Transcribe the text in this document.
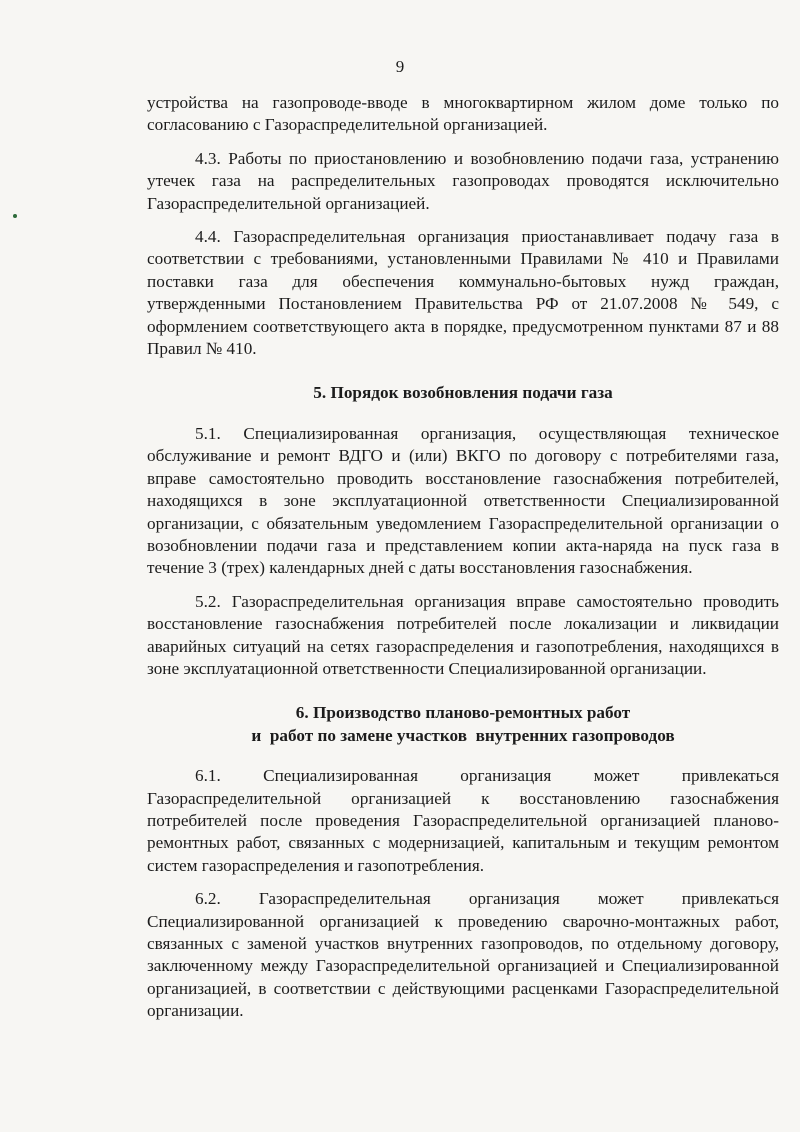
9

устройства на газопроводе-вводе в многоквартирном жилом доме только по согласованию с Газораспределительной организацией.

4.3. Работы по приостановлению и возобновлению подачи газа, устранению утечек газа на распределительных газопроводах проводятся исключительно Газораспределительной организацией.

4.4. Газораспределительная организация приостанавливает подачу газа в соответствии с требованиями, установленными Правилами № 410 и Правилами поставки газа для обеспечения коммунально-бытовых нужд граждан, утвержденными Постановлением Правительства РФ от 21.07.2008 № 549, с оформлением соответствующего акта в порядке, предусмотренном пунктами 87 и 88 Правил № 410.

5. Порядок возобновления подачи газа

5.1. Специализированная организация, осуществляющая техническое обслуживание и ремонт ВДГО и (или) ВКГО по договору с потребителями газа, вправе самостоятельно проводить восстановление газоснабжения потребителей, находящихся в зоне эксплуатационной ответственности Специализированной организации, с обязательным уведомлением Газораспределительной организации о возобновлении подачи газа и представлением копии акта-наряда на пуск газа в течение 3 (трех) календарных дней с даты восстановления газоснабжения.

5.2. Газораспределительная организация вправе самостоятельно проводить восстановление газоснабжения потребителей после локализации и ликвидации аварийных ситуаций на сетях газораспределения и газопотребления, находящихся в зоне эксплуатационной ответственности Специализированной организации.

6. Производство планово-ремонтных работ
и  работ по замене участков  внутренних газопроводов

6.1. Специализированная организация может привлекаться Газораспределительной организацией к восстановлению газоснабжения потребителей после проведения Газораспределительной организацией планово-ремонтных работ, связанных с модернизацией, капитальным и текущим ремонтом систем газораспределения и газопотребления.

6.2. Газораспределительная организация может привлекаться Специализированной организацией к проведению сварочно-монтажных работ, связанных с заменой участков внутренних газопроводов, по отдельному договору, заключенному между Газораспределительной организацией и Специализированной организацией, в соответствии с действующими расценками Газораспределительной организации.
